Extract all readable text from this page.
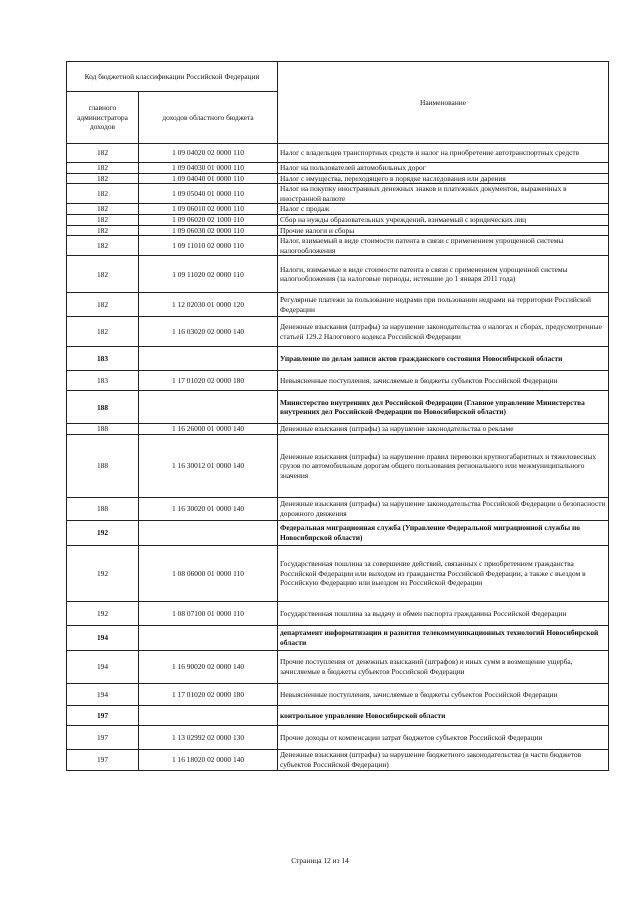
Код бюджетной классификации Российской Федерации		Наименование
главного администратора доходов	доходов областного бюджета	
182	1 09 04020 02 0000 110	Налог с владельцев транспортных средств и налог на приобретение автотранспортных средств
182	1 09 04030 01 0000 110	Налог на пользователей автомобильных дорог
182	1 09 04040 01 0000 110	Налог с имущества, переходящего в порядке наследования или дарения
182	1 09 05040 01 0000 110	Налог на покупку иностранных денежных знаков и платежных документов, выраженных в иностранной валюте
182	1 09 06010 02 0000 110	Налог с продаж
182	1 09 06020 02 1000 110	Сбор на нужды образовательных учреждений, взимаемый с юридических лиц
182	1 09 06030 02 0000 110	Прочие налоги и сборы
182	1 09 11010 02 0000 110	Налог, взимаемый в виде стоимости патента в связи с применением упрощенной системы налогообложения
182	1 09 11020 02 0000 110	Налоги, взимаемые в виде стоимости патента в связи с применением упрощенной системы налогообложения (за налоговые периоды, истекшие до 1 января 2011 года)
182	1 12 02030 01 0000 120	Регулярные платежи за пользование недрами при пользовании недрами на территории Российской Федерации
182	1 16 03020 02 0000 140	Денежные взыскания (штрафы) за нарушение законодательства о налогах и сборах, предусмотренные статьей 129.2 Налогового кодекса Российской Федерации
183		Управление по делам записи актов гражданского состояния Новосибирской области
183	1 17 01020 02 0000 180	Невыясненные поступления, зачисляемые в бюджеты субъектов Российской Федерации
188		Министерство внутренних дел Российской Федерации (Главное управление Министерства внутренних дел Российской Федерации по Новосибирской области)
188	1 16 26000 01 0000 140	Денежные взыскания (штрафы) за нарушение законодательства о рекламе
188	1 16 30012 01 0000 140	Денежные взыскания (штрафы) за нарушение правил перевозки крупногабаритных и тяжеловесных грузов по автомобильным дорогам общего пользования регионального или межмуниципального значения
188	1 16 30020 01 0000 140	Денежные взыскания (штрафы) за нарушение законодательства Российской Федерации о безопасности дорожного движения
192		Федеральная миграционная служба (Управление Федеральной миграционной службы по Новосибирской области)
192	1 08 06000 01 0000 110	Государственная пошлина за совершение действий, связанных с приобретением гражданства Российской Федерации или выходом из гражданства Российской Федерации, а также с въездом в Российскую Федерацию или выездом из Российской Федерации
192	1 08 07100 01 0000 110	Государственная пошлина за выдачу и обмен паспорта гражданина Российской Федерации
194		департамент информатизации и развития телекоммуникационных технологий Новосибирской области
194	1 16 90020 02 0000 140	Прочие поступления от денежных взысканий (штрафов) и иных сумм в возмещение ущерба, зачисляемые в бюджеты субъектов Российской Федерации
194	1 17 01020 02 0000 180	Невыясненные поступления, зачисляемые в бюджеты субъектов Российской Федерации
197		контрольное управление Новосибирской области
197	1 13 02992 02 0000 130	Прочие доходы от компенсации затрат бюджетов субъектов Российской Федерации
197	1 16 18020 02 0000 140	Денежные взыскания (штрафы) за нарушение бюджетного законодательства (в части бюджетов субъектов Российской Федерации)
Страница 12 из 14
